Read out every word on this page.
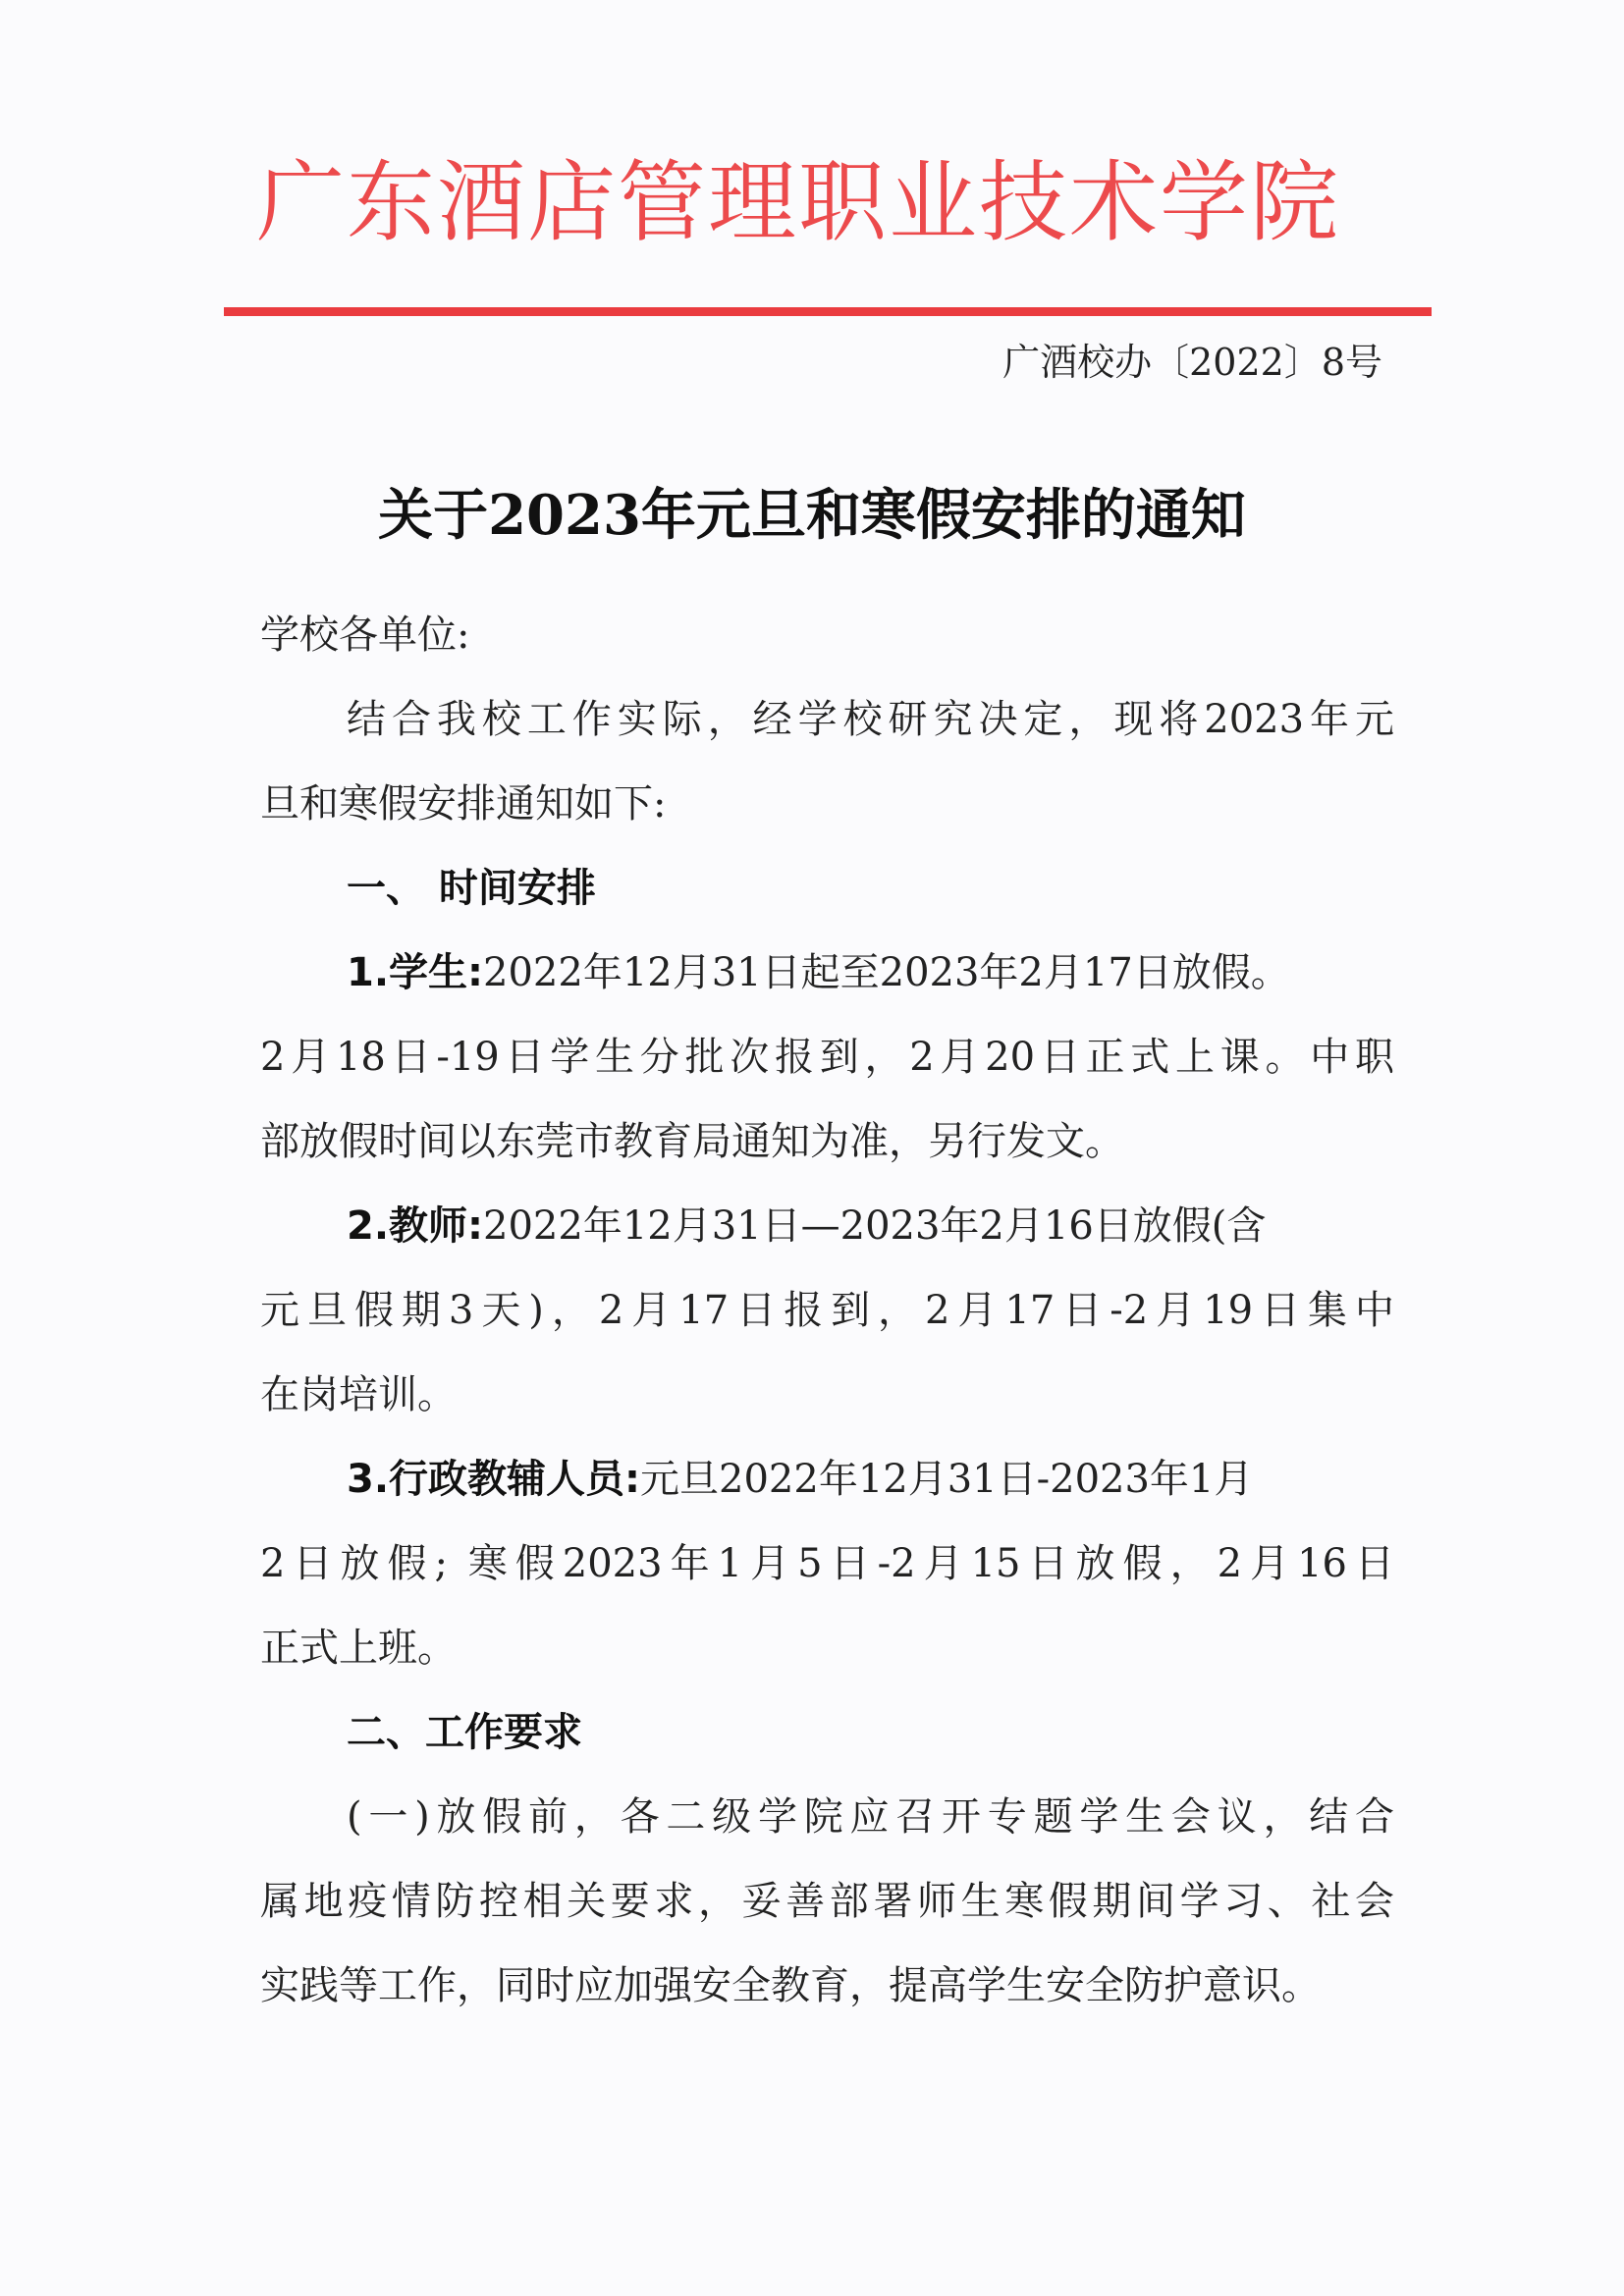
广东酒店管理职业技术学院
广酒校办〔2022〕8号
关于2023年元旦和寒假安排的通知
学校各单位:
结合我校工作实际，经学校研究决定，现将2023年元
旦和寒假安排通知如下:
一、 时间安排
1.学生:2022年12月31日起至2023年2月17日放假。
2月18日-19日学生分批次报到，2月20日正式上课。中职
部放假时间以东莞市教育局通知为准，另行发文。
2.教师:2022年12月31日—2023年2月16日放假(含
元旦假期3天)，2月17日报到，2月17日-2月19日集中
在岗培训。
3.行政教辅人员:元旦2022年12月31日-2023年1月
2日放假; 寒假2023年1月5日-2月15日放假，2月16日
正式上班。
二、工作要求
(一)放假前，各二级学院应召开专题学生会议，结合
属地疫情防控相关要求，妥善部署师生寒假期间学习、社会
实践等工作，同时应加强安全教育，提高学生安全防护意识。
